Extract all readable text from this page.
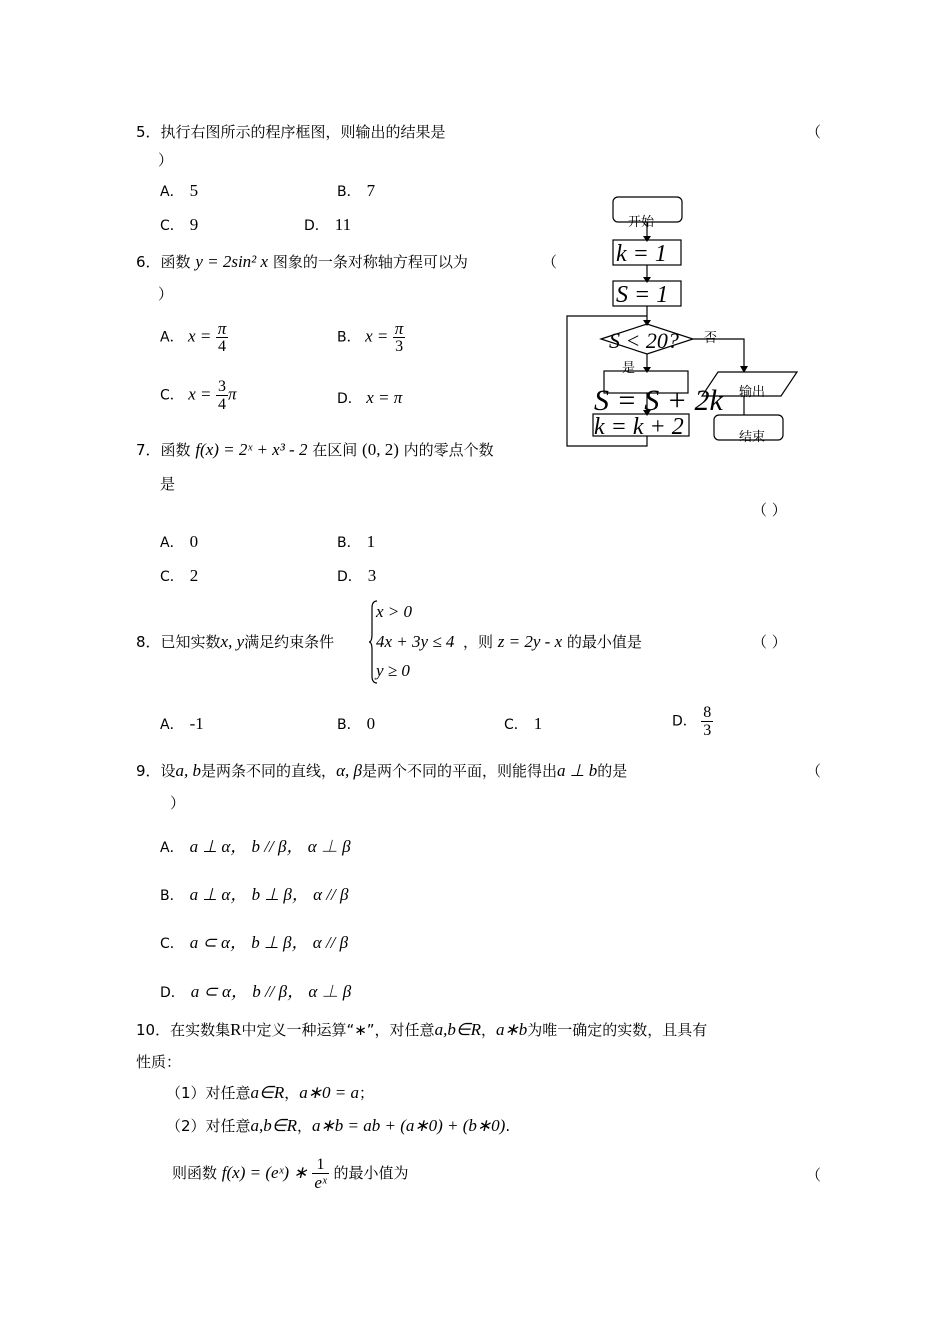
5．执行右图所示的程序框图，则输出的结果是	（
）
A． 5	B． 7
C． 9	D． 11
6．函数 y = 2sin² x 图象的一条对称轴方程可以为	（
）
A． $x = \frac{\pi}{4}$	B． $x = \frac{\pi}{3}$
C． $x = \frac{3}{4}$ π	D． x = π
7．函数 f(x) = 2ˣ + x³ - 2 在区间 (0, 2) 内的零点个数
是
（ ）
A． 0	B． 1
C． 2	D． 3
8．已知实数x, y满足约束条件
x > 0
4x + 3y ≤ 4
y ≥ 0
，则 z = 2y - x 的最小值是	（ ）
A． -1	B． 0	C． 1	D． $\frac{8}{3}$
9．设a, b是两条不同的直线，α, β是两个不同的平面，则能得出a ⊥ b的是	（
）
A． a ⊥ α， b // β， α ⊥ β
B． a ⊥ α， b ⊥ β， α // β
C． a ⊂ α， b ⊥ β， α // β
D． a ⊂ α， b // β， α ⊥ β
10．在实数集R中定义一种运算“∗”，对任意a,b∈R，a∗b为唯一确定的实数，且具有
性质：
（1）对任意a∈R，a∗0 = a；
（2）对任意a,b∈R，a∗b = ab + (a∗0) + (b∗0).
则函数 f(x) = (eˣ) ∗ $\frac{1}{\text{eˣ}}$ 的最小值为	（
开始
k = 1
S = 1
S < 20? 否
是
S = S + 2k
k = k + 2
输出
结束
